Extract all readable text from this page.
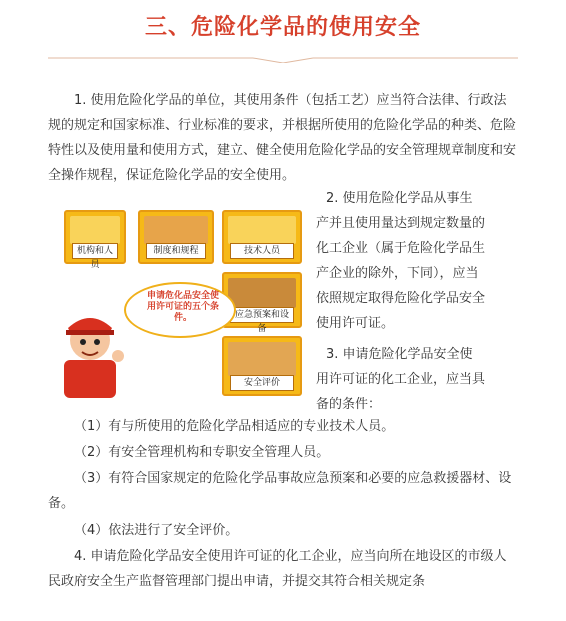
三、危险化学品的使用安全

1. 使用危险化学品的单位，其使用条件（包括工艺）应当符合法律、行政法规的规定和国家标准、行业标准的要求，并根据所使用的危险化学品的种类、危险特性以及使用量和使用方式，建立、健全使用危险化学品的安全管理规章制度和安全操作规程，保证危险化学品的安全使用。

机构和人员
制度和规程	技术人员
应急预案和设备
安全评价
申请危化品安全使用许可证的五个条件。
2. 使用危险化学品从事生
产并且使用量达到规定数量的
化工企业（属于危险化学品生
产企业的除外，下同），应当
依照规定取得危险化学品安全
使用许可证。
3. 申请危险化学品安全使
用许可证的化工企业，应当具
备的条件：

（1）有与所使用的危险化学品相适应的专业技术人员。

（2）有安全管理机构和专职安全管理人员。

（3）有符合国家规定的危险化学品事故应急预案和必要的应急救援器材、设备。

（4）依法进行了安全评价。

4. 申请危险化学品安全使用许可证的化工企业，应当向所在地设区的市级人民政府安全生产监督管理部门提出申请，并提交其符合相关规定条
